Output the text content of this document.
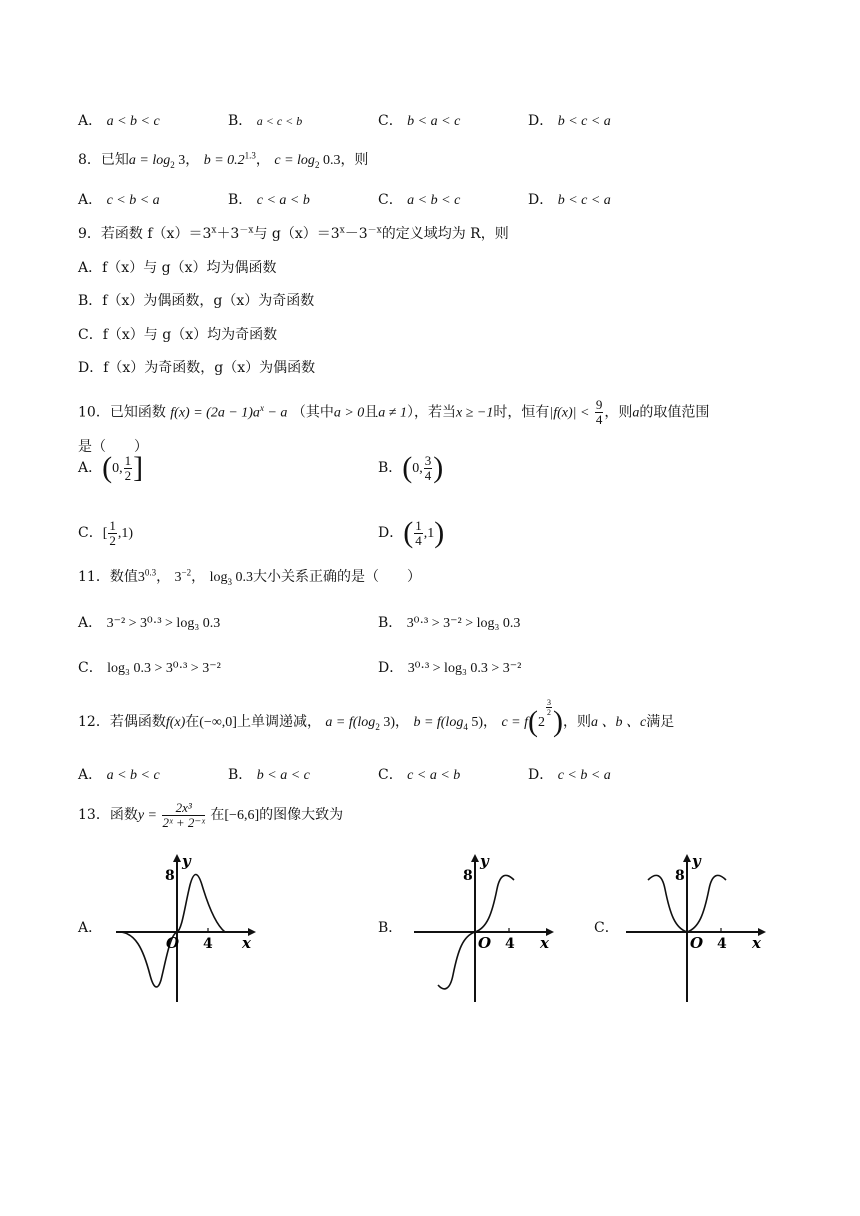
A． a < b < c	B． a < c < b	C． b < a < c	D． b < c < a
8．已知$a = \log_2 3$， $b = 0.2^{1.3}$， $c = \log_2 0.3$，则
A． c < b < a	B． c < a < b	C． a < b < c	D． b < c < a
9．若函数 $f(x)=3^x+3^{-x}$与 $g(x)=3^x-3^{-x}$的定义域均为 R，则
A．f（x）与 g（x）均为偶函数
B．f（x）为偶函数，g（x）为奇函数
C．f（x）与 g（x）均为奇函数
D．f（x）为奇函数，g（x）为偶函数
10．已知函数 $f(x) = (2a - 1)a^x - a$ （其中a > 0且a ≠ 1），若当x ≥ −1时，恒有$|f(x)| < \frac{9}{4}$ ，则a的取值范围
是（　　）
A．(0, $\frac{1}{2}$ ]	B．(0, $\frac{3}{4}$ )
C．[ $\frac{1}{2} ,1$)	D．( $\frac{1}{4} ,1$)
11．数值$3^{0.3}$， $3^{-2}$， $\log_3 0.3$大小关系正确的是（　　）
A． 3⁻² > 3⁰·³ > log₃ 0.3	B． 3⁰·³ > 3⁻² > log₃ 0.3
C． log₃ 0.3 > 3⁰·³ > 3⁻²	D． 3⁰·³ > log₃ 0.3 > 3⁻²
12．若偶函数f(x)在(−∞,0]上单调递减， $a = f(\log_2$ 3)， $b = f(\log_4$ 5)， c = f(2
$^{\frac{3}{2}}$ )，则a 、b 、c满足
A． a < b < c	B． b < a < c	C． c < a < b	D． c < b < a
13．函数$y = \frac{\text{2x³}}{\text{2ˣ + 2⁻ˣ}}$ 在[−6,6]的图像大致为
A．
y
x
O
8
4
B．
y
x
O
8
4
C．
y
x
O
8
4
